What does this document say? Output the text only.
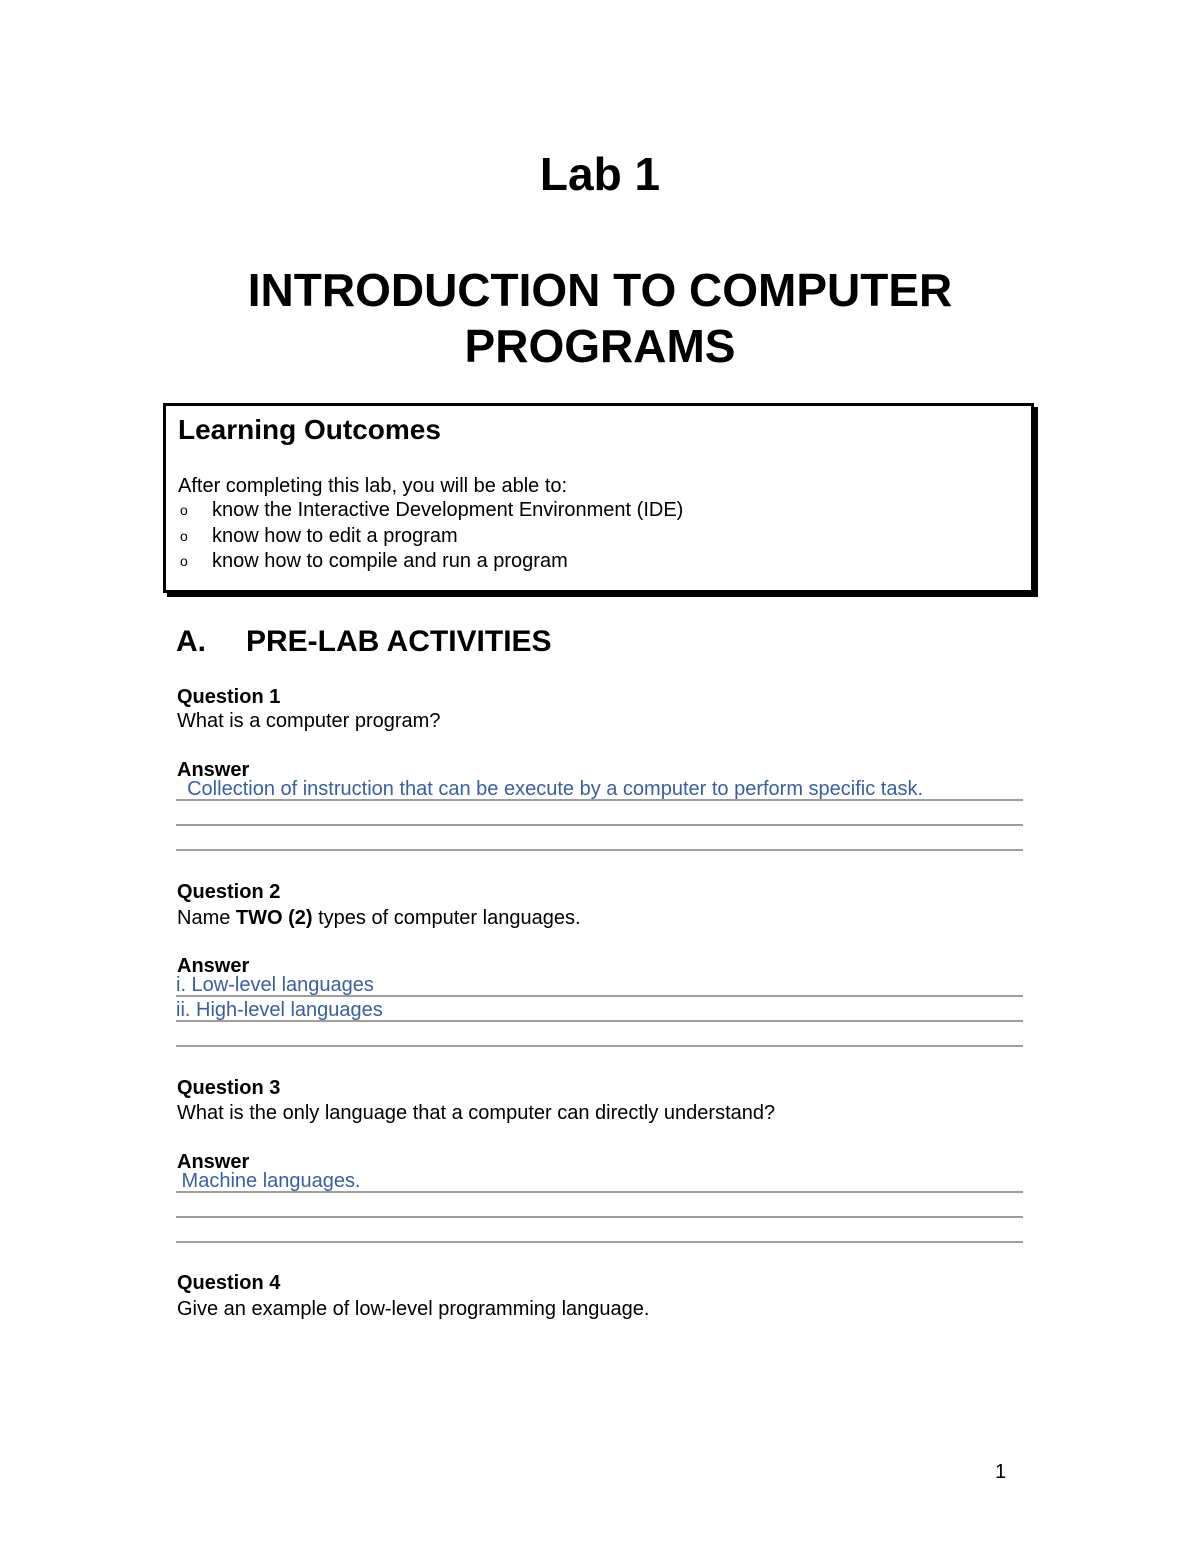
Lab 1
INTRODUCTION TO COMPUTER
PROGRAMS
Learning Outcomes
After completing this lab, you will be able to:
o know the Interactive Development Environment (IDE)
o know how to edit a program
o know how to compile and run a program
A. PRE-LAB ACTIVITIES
Question 1
What is a computer program?
Answer
Collection of instruction that can be execute by a computer to perform specific task.
Question 2
Name TWO (2) types of computer languages.
Answer
i. Low-level languages
ii. High-level languages
Question 3
What is the only language that a computer can directly understand?
Answer
Machine languages.
Question 4
Give an example of low-level programming language.
1
